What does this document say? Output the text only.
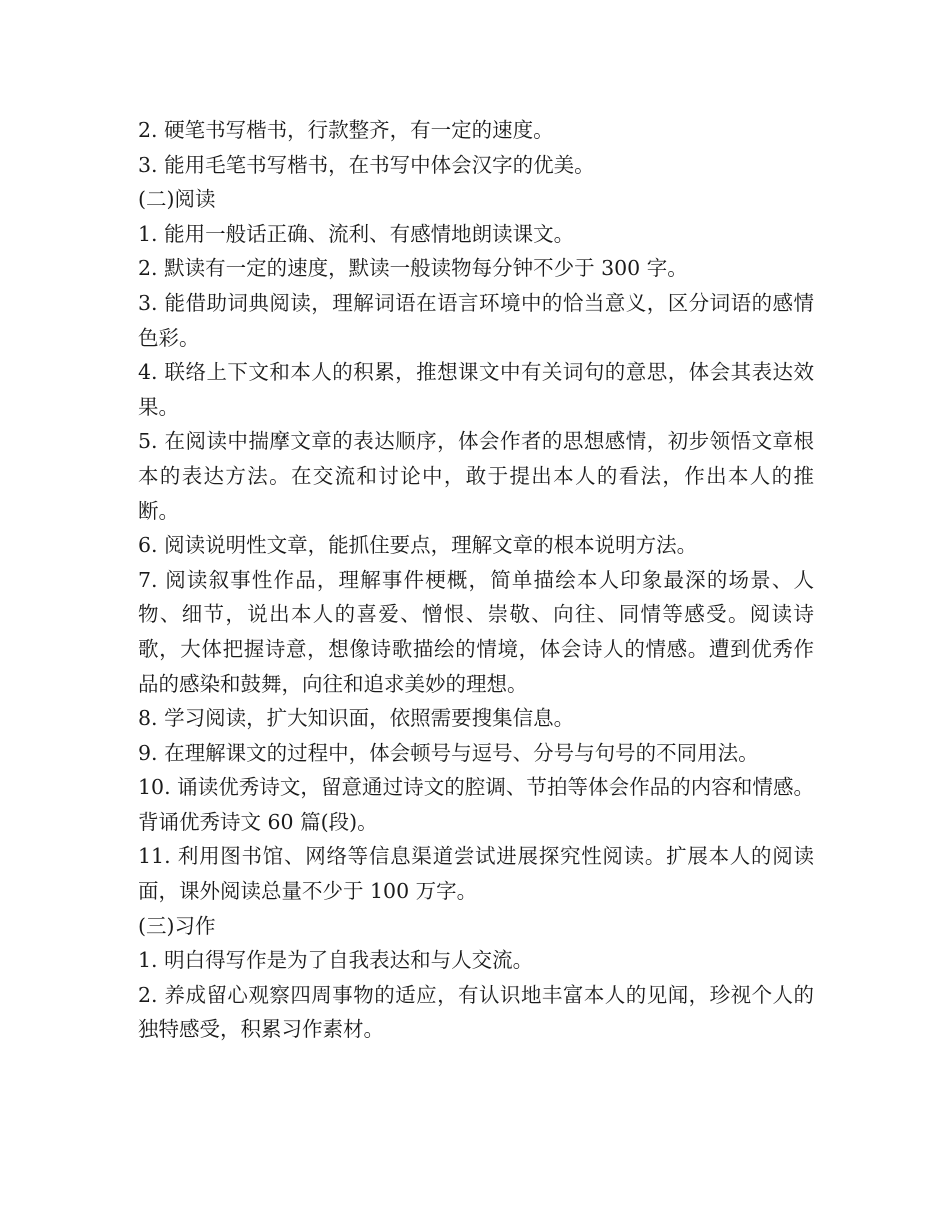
2. 硬笔书写楷书，行款整齐，有一定的速度。

3. 能用毛笔书写楷书，在书写中体会汉字的优美。

(二)阅读

1. 能用一般话正确、流利、有感情地朗读课文。

2. 默读有一定的速度，默读一般读物每分钟不少于 300 字。

3. 能借助词典阅读，理解词语在语言环境中的恰当意义，区分词语的感情色彩。

4. 联络上下文和本人的积累，推想课文中有关词句的意思，体会其表达效果。

5. 在阅读中揣摩文章的表达顺序，体会作者的思想感情，初步领悟文章根本的表达方法。在交流和讨论中，敢于提出本人的看法，作出本人的推断。

6. 阅读说明性文章，能抓住要点，理解文章的根本说明方法。

7. 阅读叙事性作品，理解事件梗概，简单描绘本人印象最深的场景、人物、细节，说出本人的喜爱、憎恨、崇敬、向往、同情等感受。阅读诗歌，大体把握诗意，想像诗歌描绘的情境，体会诗人的情感。遭到优秀作品的感染和鼓舞，向往和追求美妙的理想。

8. 学习阅读，扩大知识面，依照需要搜集信息。

9. 在理解课文的过程中，体会顿号与逗号、分号与句号的不同用法。

10. 诵读优秀诗文，留意通过诗文的腔调、节拍等体会作品的内容和情感。背诵优秀诗文 60 篇(段)。

11. 利用图书馆、网络等信息渠道尝试进展探究性阅读。扩展本人的阅读面，课外阅读总量不少于 100 万字。

(三)习作

1. 明白得写作是为了自我表达和与人交流。

2. 养成留心观察四周事物的适应，有认识地丰富本人的见闻，珍视个人的独特感受，积累习作素材。
